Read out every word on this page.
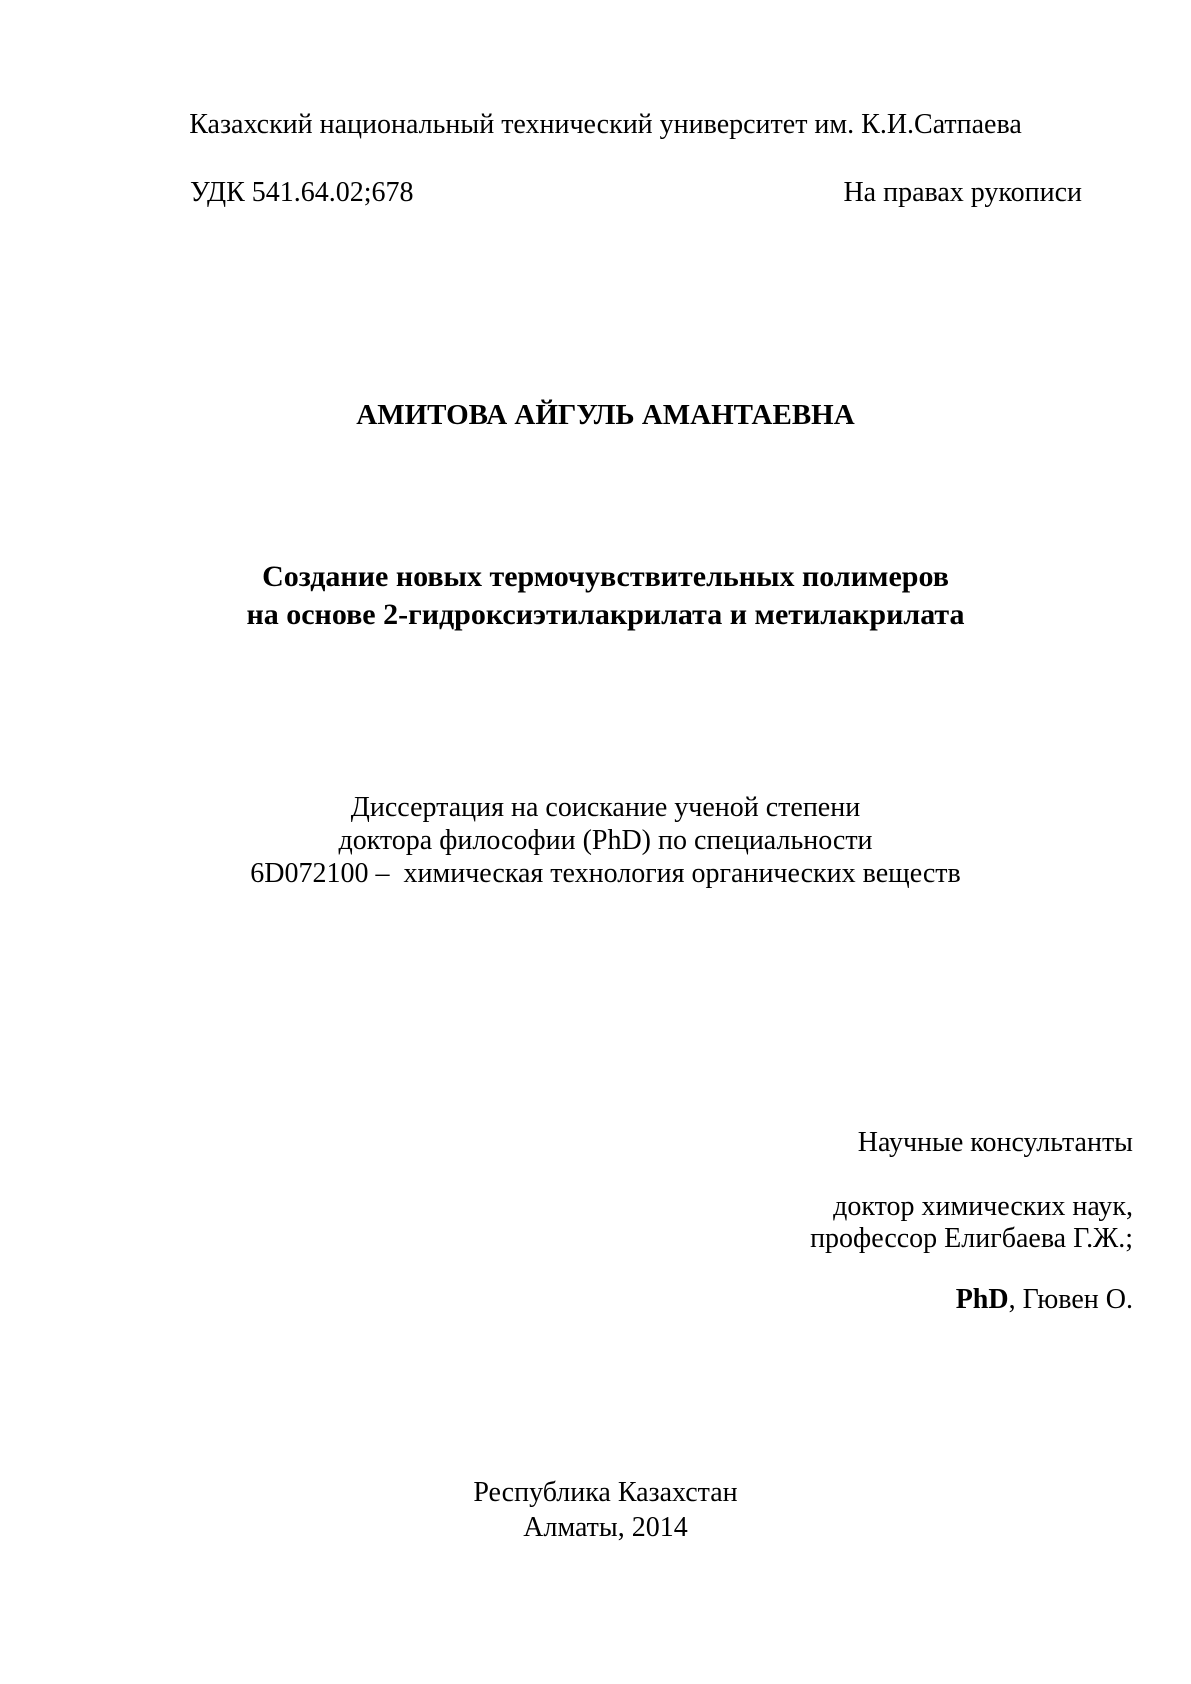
Казахский национальный технический университет им. К.И.Сатпаева
УДК 541.64.02;678	На правах рукописи
АМИТОВА АЙГУЛЬ АМАНТАЕВНА
Создание новых термочувствительных полимеров
на основе 2-гидроксиэтилакрилата и метилакрилата
Диссертация на соискание ученой степени
доктора философии (PhD) по специальности
6D072100 –  химическая технология органических веществ
Научные консультанты
доктор химических наук,
профессор Елигбаева Г.Ж.;
PhD, Гювен О.
Республика Казахстан
Алматы, 2014
